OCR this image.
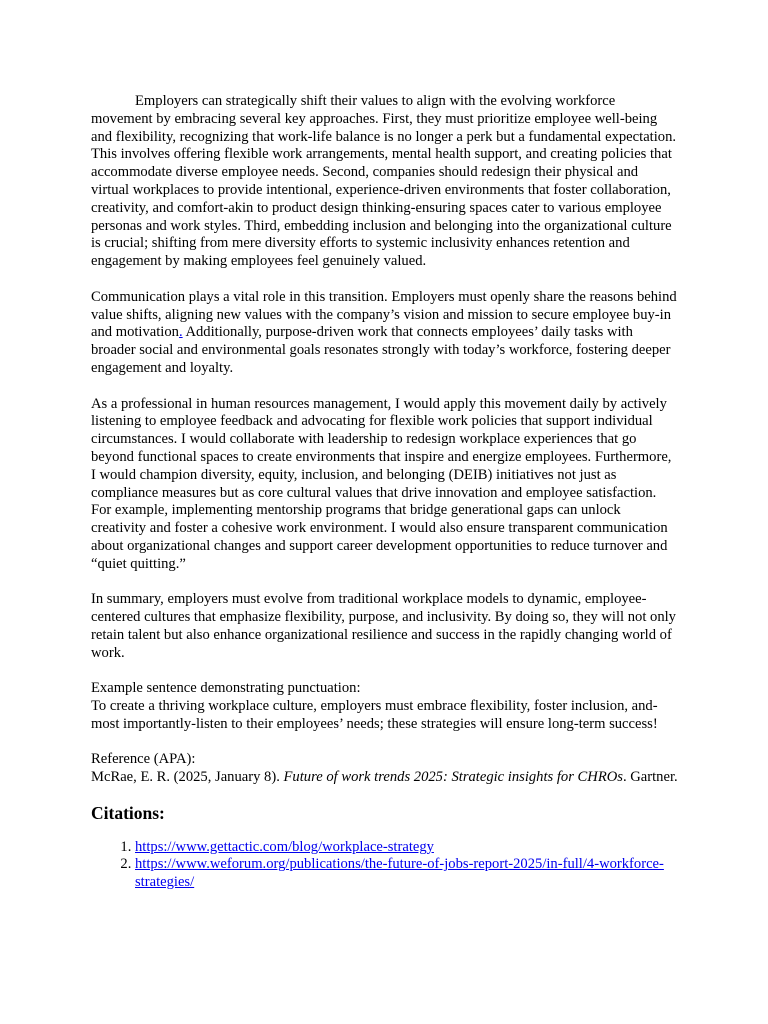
Employers can strategically shift their values to align with the evolving workforce movement by embracing several key approaches. First, they must prioritize employee well-being and flexibility, recognizing that work-life balance is no longer a perk but a fundamental expectation. This involves offering flexible work arrangements, mental health support, and creating policies that accommodate diverse employee needs. Second, companies should redesign their physical and virtual workplaces to provide intentional, experience-driven environments that foster collaboration, creativity, and comfort-akin to product design thinking-ensuring spaces cater to various employee personas and work styles. Third, embedding inclusion and belonging into the organizational culture is crucial; shifting from mere diversity efforts to systemic inclusivity enhances retention and engagement by making employees feel genuinely valued.

Communication plays a vital role in this transition. Employers must openly share the reasons behind value shifts, aligning new values with the company’s vision and mission to secure employee buy-in and motivation. Additionally, purpose-driven work that connects employees’ daily tasks with broader social and environmental goals resonates strongly with today’s workforce, fostering deeper engagement and loyalty.

As a professional in human resources management, I would apply this movement daily by actively listening to employee feedback and advocating for flexible work policies that support individual circumstances. I would collaborate with leadership to redesign workplace experiences that go beyond functional spaces to create environments that inspire and energize employees. Furthermore, I would champion diversity, equity, inclusion, and belonging (DEIB) initiatives not just as compliance measures but as core cultural values that drive innovation and employee satisfaction. For example, implementing mentorship programs that bridge generational gaps can unlock creativity and foster a cohesive work environment. I would also ensure transparent communication about organizational changes and support career development opportunities to reduce turnover and “quiet quitting.”

In summary, employers must evolve from traditional workplace models to dynamic, employee-centered cultures that emphasize flexibility, purpose, and inclusivity. By doing so, they will not only retain talent but also enhance organizational resilience and success in the rapidly changing world of work.

Example sentence demonstrating punctuation:

To create a thriving workplace culture, employers must embrace flexibility, foster inclusion, and-most importantly-listen to their employees’ needs; these strategies will ensure long-term success!

Reference (APA):

McRae, E. R. (2025, January 8). Future of work trends 2025: Strategic insights for CHROs. Gartner.

Citations:
1. https://www.gettactic.com/blog/workplace-strategy
2. https://www.weforum.org/publications/the-future-of-jobs-report-2025/in-full/4-workforce-strategies/
